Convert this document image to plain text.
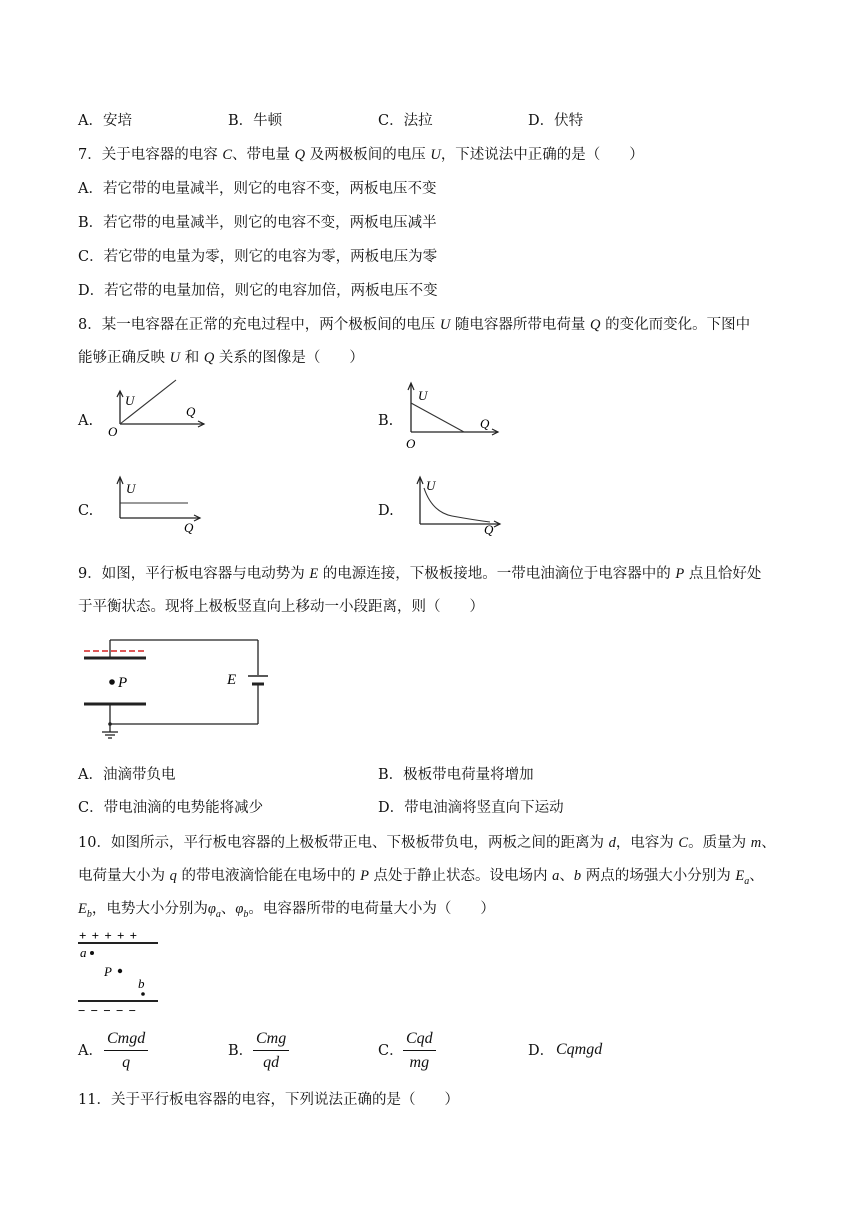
A．安培	B．牛顿	C．法拉	D．伏特
7．关于电容器的电容 C、带电量 Q 及两极板间的电压 U，下述说法中正确的是（　　）
A．若它带的电量减半，则它的电容不变，两板电压不变
B．若它带的电量减半，则它的电容不变，两板电压减半
C．若它带的电量为零，则它的电容为零，两板电压为零
D．若它带的电量加倍，则它的电容加倍，两板电压不变
8．某一电容器在正常的充电过程中，两个极板间的电压 U 随电容器所带电荷量 Q 的变化而变化。下图中
能够正确反映 U 和 Q 关系的图像是（　　）
A.	B.
C.	D.
U
Q
O
U
Q
O
U
Q
U
Q
9．如图，平行板电容器与电动势为 E 的电源连接，下极板接地。一带电油滴位于电容器中的 P 点且恰好处
于平衡状态。现将上极板竖直向上移动一小段距离，则（　　）
P	E
A．油滴带负电	B．极板带电荷量将增加
C．带电油滴的电势能将减少	D．带电油滴将竖直向下运动
10．如图所示，平行板电容器的上极板带正电、下极板带负电，两板之间的距离为 d，电容为 C。质量为 m、
电荷量大小为 q 的带电液滴恰能在电场中的 P 点处于静止状态。设电场内 a、b 两点的场强大小分别为 $E_a$、
$E_b$，电势大小分别为$\varphi_a$、$\varphi_b$。电容器所带的电荷量大小为（　　）
+ + + + +
a
P
b
− − − − −
A．
Cmgd
q
B．
Cmg
qd
C．
Cqd
mg
D． Cqmgd
11．关于平行板电容器的电容，下列说法正确的是（　　）
